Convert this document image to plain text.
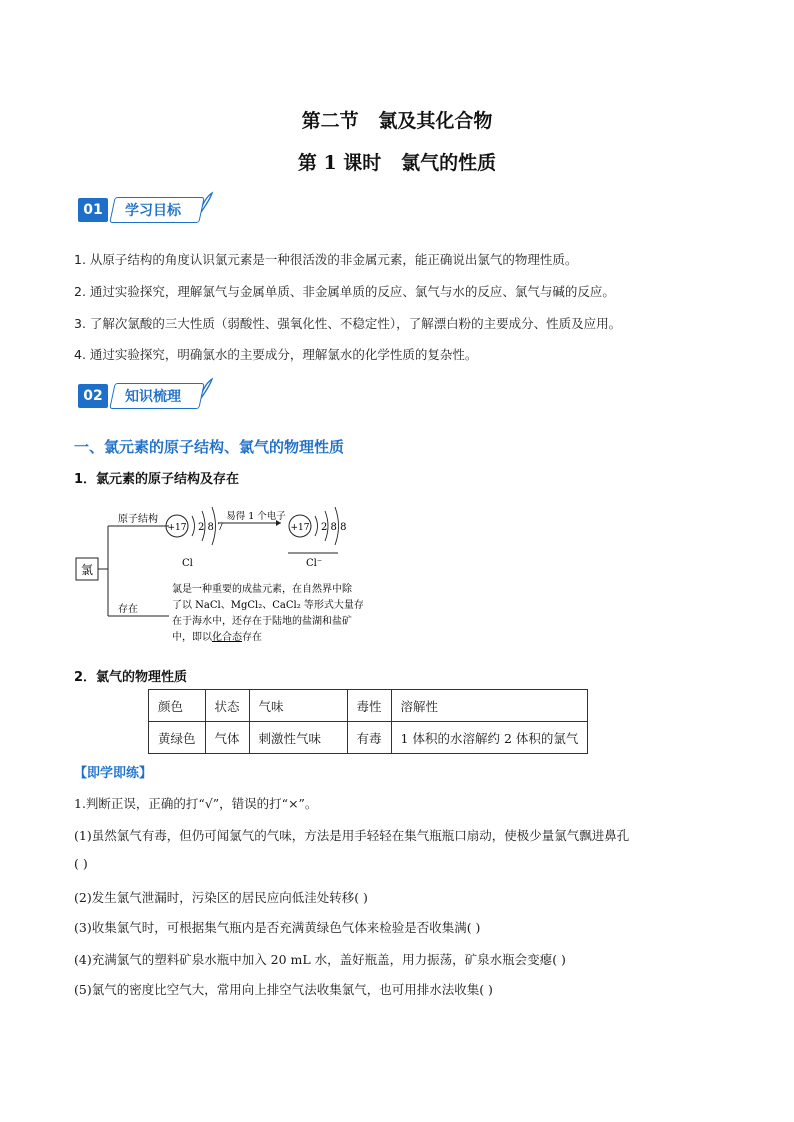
第二节   氯及其化合物
第 1 课时   氯气的性质
01	学习目标
1. 从原子结构的角度认识氯元素是一种很活泼的非金属元素，能正确说出氯气的物理性质。
2. 通过实验探究，理解氯气与金属单质、非金属单质的反应、氯气与水的反应、氯气与碱的反应。
3. 了解次氯酸的三大性质（弱酸性、强氧化性、不稳定性），了解漂白粉的主要成分、性质及应用。
4. 通过实验探究，明确氯水的主要成分，理解氯水的化学性质的复杂性。
02	知识梳理
一、氯元素的原子结构、氯气的物理性质
1．氯元素的原子结构及存在
氯
原子结构
存在
+17 2 8 7
Cl
易得 1 个电子
+17 2 8 8
Cl⁻
氯是一种重要的成盐元素，在自然界中除
了以 NaCl、MgCl₂、CaCl₂ 等形式大量存
在于海水中，还存在于陆地的盐湖和盐矿
中，即以化合态存在
2．氯气的物理性质
颜色	状态	气味	毒性	溶解性
黄绿色	气体	刺激性气味	有毒	1 体积的水溶解约 2 体积的氯气
【即学即练】
1.判断正误，正确的打“√”，错误的打“×”。
(1)虽然氯气有毒，但仍可闻氯气的气味，方法是用手轻轻在集气瓶瓶口扇动，使极少量氯气飘进鼻孔
( )
(2)发生氯气泄漏时，污染区的居民应向低洼处转移( )
(3)收集氯气时，可根据集气瓶内是否充满黄绿色气体来检验是否收集满( )
(4)充满氯气的塑料矿泉水瓶中加入 20 mL 水，盖好瓶盖，用力振荡，矿泉水瓶会变瘪( )
(5)氯气的密度比空气大，常用向上排空气法收集氯气，也可用排水法收集( )
